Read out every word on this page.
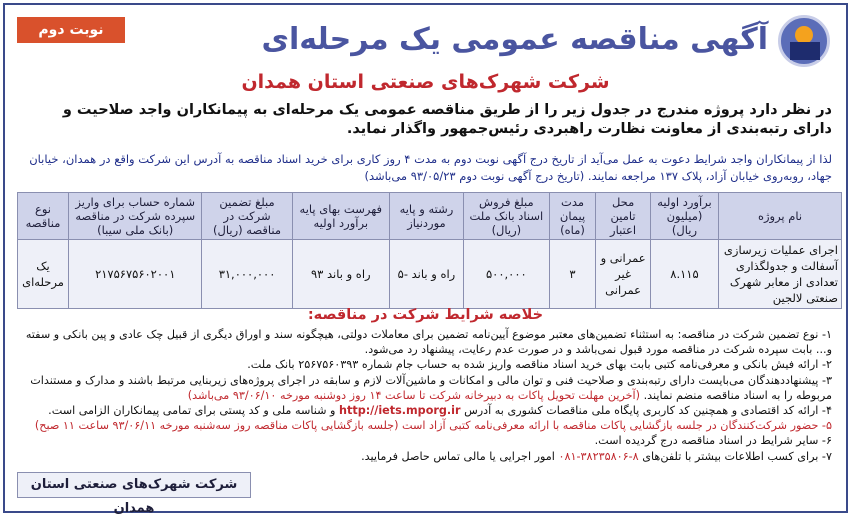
آگهی مناقصه عمومی یک مرحله‌ای
نوبت دوم
شرکت شهرک‌های صنعتی استان همدان
در نظر دارد پروژه مندرج در جدول زیر را از طریق مناقصه عمومی یک مرحله‌ای به پیمانکاران واجد صلاحیت و دارای رتبه‌بندی از معاونت نظارت راهبردی رئیس‌جمهور واگذار نماید.
لذا از پیمانکاران واجد شرایط دعوت به عمل می‌آید از تاریخ درج آگهی نوبت دوم به مدت ۴ روز کاری برای خرید اسناد مناقصه به آدرس این شرکت واقع در همدان، خیابان جهاد، روبه‌روی خیابان آزاد، پلاک ۱۳۷ مراجعه نمایند. (تاریخ درج آگهی نوبت دوم ۹۳/۰۵/۲۳ می‌باشد)
نام پروژه	برآورد اولیه (میلیون ریال)	محل تامین اعتبار	مدت پیمان (ماه)	مبلغ فروش اسناد بانک ملت (ریال)	رشته و پایه موردنیاز	فهرست بهای پایه برآورد اولیه	مبلغ تضمین شرکت در مناقصه (ریال)	شماره حساب برای واریز سپرده شرکت در مناقصه (بانک ملی سیبا)	نوع مناقصه
اجرای عملیات زیرسازی آسفالت و جدولگذاری تعدادی از معابر شهرک صنعتی لالجین	۸.۱۱۵	عمرانی و غیر عمرانی	۳	۵۰۰,۰۰۰	راه و باند -۵	راه و باند ۹۳	۳۱,۰۰۰,۰۰۰	۲۱۷۵۶۷۵۶۰۲۰۰۱	یک مرحله‌ای
خلاصه شرایط شرکت در مناقصه:
۱- نوع تضمین شرکت در مناقصه: به استثناء تضمین‌های معتبر موضوع آیین‌نامه تضمین برای معاملات دولتی، هیچگونه سند و اوراق دیگری از قبیل چک عادی و پین بانکی و سفته و... بابت سپرده شرکت در مناقصه مورد قبول نمی‌باشد و در صورت عدم رعایت، پیشنهاد رد می‌شود.
۲- ارائه فیش بانکی و معرفی‌نامه کتبی بابت بهای خرید اسناد مناقصه واریز شده به حساب جام شماره ۲۵۶۷۵۶۰۳۹۳ بانک ملت.
۳- پیشنهاددهندگان می‌بایست دارای رتبه‌بندی و صلاحیت فنی و توان مالی و امکانات و ماشین‌آلات لازم و سابقه در اجرای پروژه‌های زیربنایی مرتبط باشند و مدارک و مستندات مربوطه را به اسناد مناقصه منضم نمایند. (آخرین مهلت تحویل پاکات به دبیرخانه شرکت تا ساعت ۱۴ روز دوشنبه مورخه ۹۳/۰۶/۱۰ می‌باشد)
۴- ارائه کد اقتصادی و همچنین کد کاربری پایگاه ملی مناقصات کشوری به آدرس http://iets.mporg.ir و شناسه ملی و کد پستی برای تمامی پیمانکاران الزامی است.
۵- حضور شرکت‌کنندگان در جلسه بازگشایی پاکات مناقصه با ارائه معرفی‌نامه کتبی آزاد است (جلسه بازگشایی پاکات مناقصه روز سه‌شنبه مورخه ۹۳/۰۶/۱۱ ساعت ۱۱ صبح)
۶- سایر شرایط در اسناد مناقصه درج گردیده است.
۷- برای کسب اطلاعات بیشتر با تلفن‌های ۸-۳۸۲۳۵۸۰۶-۰۸۱ امور اجرایی یا مالی تماس حاصل فرمایید.
شرکت شهرک‌های صنعتی استان همدان
